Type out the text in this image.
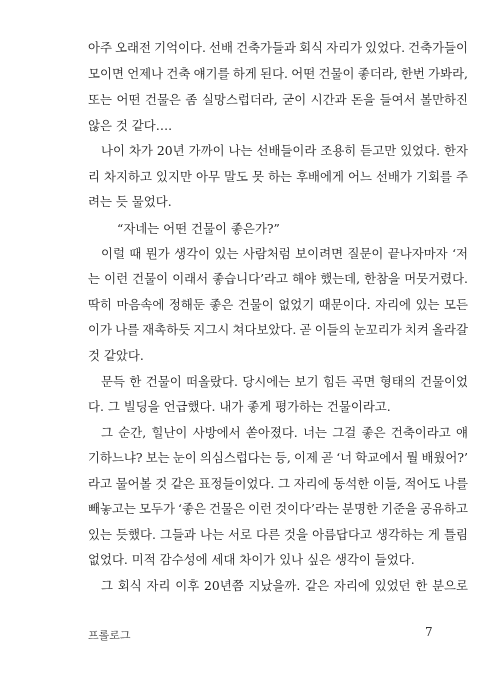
아주 오래전 기억이다. 선배 건축가들과 회식 자리가 있었다. 건축가들이
모이면 언제나 건축 얘기를 하게 된다. 어떤 건물이 좋더라, 한번 가봐라,
또는 어떤 건물은 좀 실망스럽더라, 굳이 시간과 돈을 들여서 볼만하진
않은 것 같다….
나이 차가 20년 가까이 나는 선배들이라 조용히 듣고만 있었다. 한자
리 차지하고 있지만 아무 말도 못 하는 후배에게 어느 선배가 기회를 주
려는 듯 물었다.
“자네는 어떤 건물이 좋은가?”
이럴 때 뭔가 생각이 있는 사람처럼 보이려면 질문이 끝나자마자 ‘저
는 이런 건물이 이래서 좋습니다’라고 해야 했는데, 한참을 머뭇거렸다.
딱히 마음속에 정해둔 좋은 건물이 없었기 때문이다. 자리에 있는 모든
이가 나를 재촉하듯 지그시 쳐다보았다. 곧 이들의 눈꼬리가 치켜 올라갈
것 같았다.
문득 한 건물이 떠올랐다. 당시에는 보기 힘든 곡면 형태의 건물이었
다. 그 빌딩을 언급했다. 내가 좋게 평가하는 건물이라고.
그 순간, 힐난이 사방에서 쏟아졌다. 너는 그걸 좋은 건축이라고 얘
기하느냐? 보는 눈이 의심스럽다는 등, 이제 곧 ‘너 학교에서 뭘 배웠어?’
라고 물어볼 것 같은 표정들이었다. 그 자리에 동석한 이들, 적어도 나를
빼놓고는 모두가 ‘좋은 건물은 이런 것이다’라는 분명한 기준을 공유하고
있는 듯했다. 그들과 나는 서로 다른 것을 아름답다고 생각하는 게 틀림
없었다. 미적 감수성에 세대 차이가 있나 싶은 생각이 들었다.
그 회식 자리 이후 20년쯤 지났을까. 같은 자리에 있었던 한 분으로
프롤로그	7
